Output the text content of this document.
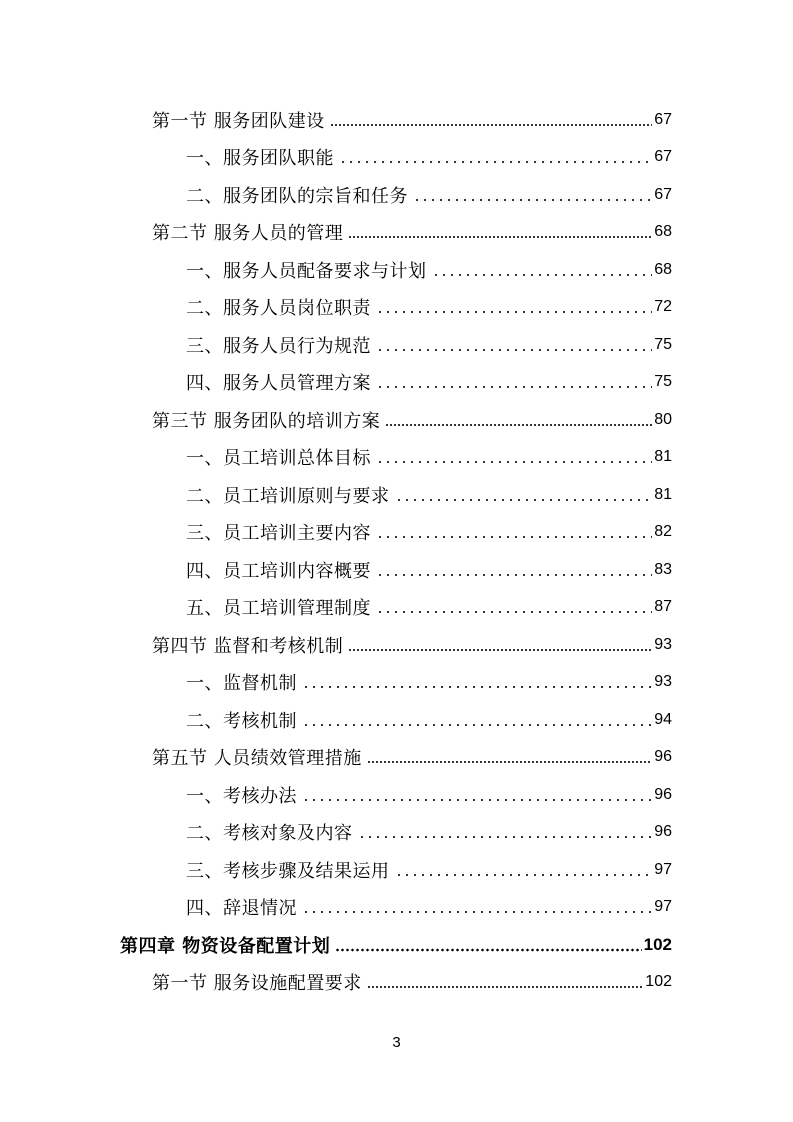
第一节 服务团队建设	67
一、服务团队职能	67
二、服务团队的宗旨和任务	67
第二节 服务人员的管理	68
一、服务人员配备要求与计划	68
二、服务人员岗位职责	72
三、服务人员行为规范	75
四、服务人员管理方案	75
第三节 服务团队的培训方案	80
一、员工培训总体目标	81
二、员工培训原则与要求	81
三、员工培训主要内容	82
四、员工培训内容概要	83
五、员工培训管理制度	87
第四节 监督和考核机制	93
一、监督机制	93
二、考核机制	94
第五节 人员绩效管理措施	96
一、考核办法	96
二、考核对象及内容	96
三、考核步骤及结果运用	97
四、辞退情况	97
第四章 物资设备配置计划	102
第一节 服务设施配置要求	102
3
